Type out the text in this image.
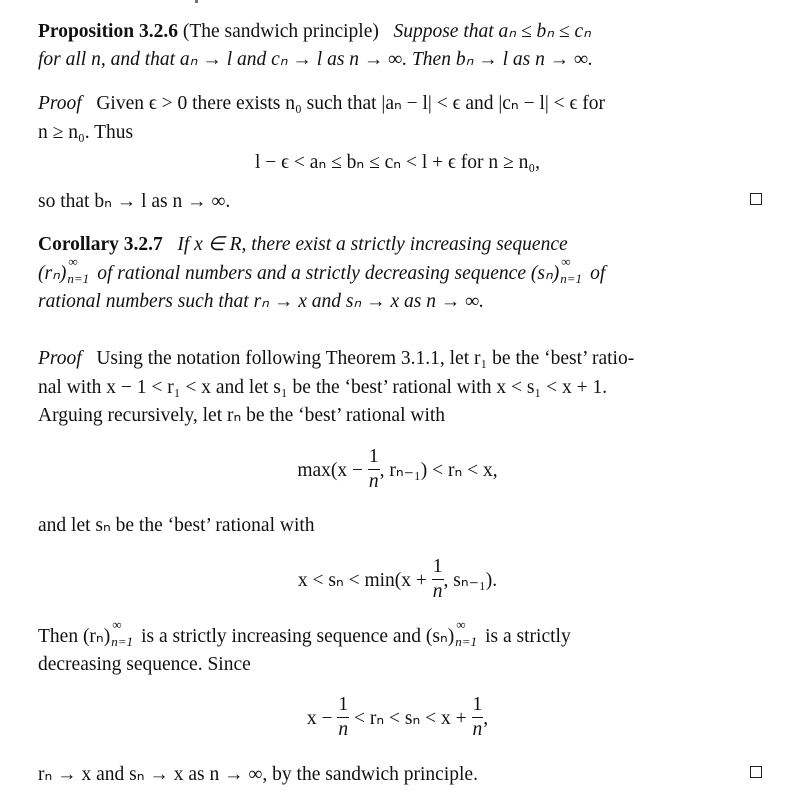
Proposition 3.2.6 (The sandwich principle) Suppose that aₙ ≤ bₙ ≤ cₙ
for all n, and that aₙ → l and cₙ → l as n → ∞. Then bₙ → l as n → ∞.
Proof Given ϵ > 0 there exists n₀ such that |aₙ − l| < ϵ and |cₙ − l| < ϵ for
n ≥ n₀. Thus
l − ϵ < aₙ ≤ bₙ ≤ cₙ < l + ϵ for n ≥ n₀,
so that bₙ → l as n → ∞.
Corollary 3.2.7 If x ∈ R, there exist a strictly increasing sequence
(rₙ)
∞
n=1 of rational numbers and a strictly decreasing sequence (sₙ)
∞
n=1 of
rational numbers such that rₙ → x and sₙ → x as n → ∞.
Proof Using the notation following Theorem 3.1.1, let r₁ be the ‘best’ ratio-
nal with x − 1 < r₁ < x and let s₁ be the ‘best’ rational with x < s₁ < x + 1.
Arguing recursively, let rₙ be the ‘best’ rational with
$\max(x - \frac{1}{n}$ , rₙ₋₁) < rₙ < x,
and let sₙ be the ‘best’ rational with
$x < s_n < \min(x + \frac{1}{n}$ , sₙ₋₁).
Then (rₙ)
∞
n=1 is a strictly increasing sequence and (sₙ)
∞
n=1 is a strictly
decreasing sequence. Since
$x - \frac{1}{n} < r_n < s_n < x + \frac{1}{n}$ ,
rₙ → x and sₙ → x as n → ∞, by the sandwich principle.
